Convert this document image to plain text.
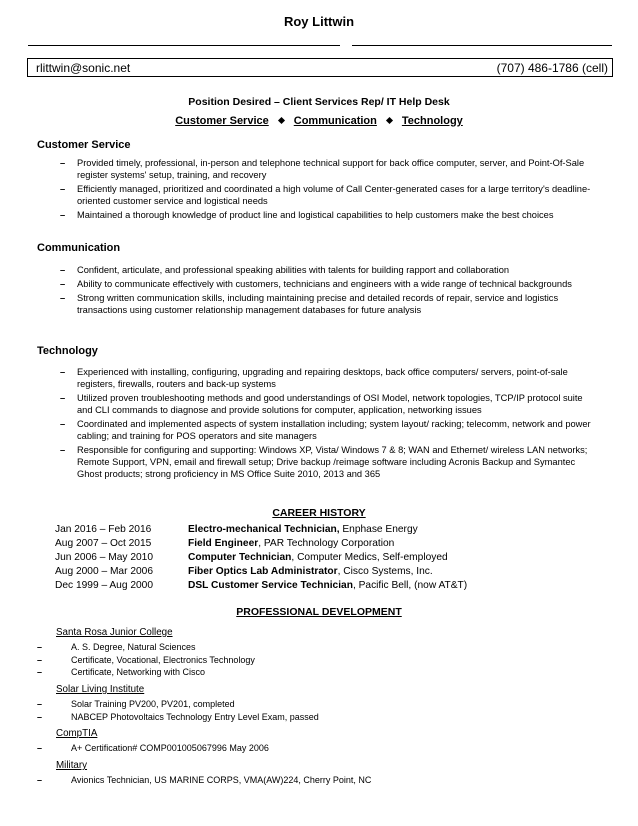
Roy Littwin
rlittwin@sonic.net	(707) 486-1786 (cell)
Position Desired – Client Services Rep/ IT Help Desk
Customer Service Communication Technology
Customer Service
– Provided timely, professional, in-person and telephone technical support for back office computer, server, and Point-Of-Sale register systems' setup, training, and recovery
– Efficiently managed, prioritized and coordinated a high volume of Call Center-generated cases for a large territory's deadline-oriented customer service and logistical needs
– Maintained a thorough knowledge of product line and logistical capabilities to help customers make the best choices
Communication
– Confident, articulate, and professional speaking abilities with talents for building rapport and collaboration
– Ability to communicate effectively with customers, technicians and engineers with a wide range of technical backgrounds
– Strong written communication skills, including maintaining precise and detailed records of repair, service and logistics transactions using customer relationship management databases for future analysis
Technology
– Experienced with installing, configuring, upgrading and repairing desktops, back office computers/ servers, point-of-sale registers, firewalls, routers and back-up systems
– Utilized proven troubleshooting methods and good understandings of OSI Model, network topologies, TCP/IP protocol suite and CLI commands to diagnose and provide solutions for computer, application, networking issues
– Coordinated and implemented aspects of system installation including; system layout/ racking; telecomm, network and power cabling; and training for POS operators and site managers
– Responsible for configuring and supporting: Windows XP, Vista/ Windows 7 & 8; WAN and Ethernet/ wireless LAN networks; Remote Support, VPN, email and firewall setup; Drive backup /reimage software including Acronis Backup and Symantec Ghost products; strong proficiency in MS Office Suite 2010, 2013 and 365
CAREER HISTORY
Jan 2016 – Feb 2016	Electro-mechanical Technician, Enphase Energy
Aug 2007 – Oct 2015	Field Engineer, PAR Technology Corporation
Jun 2006 – May 2010	Computer Technician, Computer Medics, Self-employed
Aug 2000 – Mar 2006	Fiber Optics Lab Administrator, Cisco Systems, Inc.
Dec 1999 – Aug 2000	DSL Customer Service Technician, Pacific Bell, (now AT&T)
PROFESSIONAL DEVELOPMENT
Santa Rosa Junior College
–	A. S. Degree, Natural Sciences
–	Certificate, Vocational, Electronics Technology
–	Certificate, Networking with Cisco
Solar Living Institute
–	Solar Training PV200, PV201, completed
–	NABCEP Photovoltaics Technology Entry Level Exam, passed
CompTIA
–	A+ Certification# COMP001005067996 May 2006
Military
–	Avionics Technician, US MARINE CORPS, VMA(AW)224, Cherry Point, NC
